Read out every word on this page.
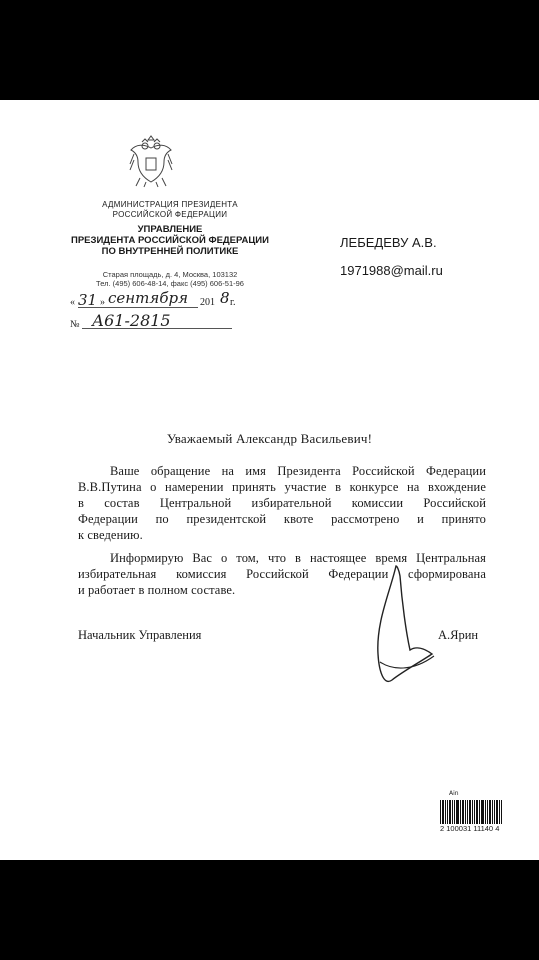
АДМИНИСТРАЦИЯ ПРЕЗИДЕНТА
РОССИЙСКОЙ ФЕДЕРАЦИИ
УПРАВЛЕНИЕ
ПРЕЗИДЕНТА РОССИЙСКОЙ ФЕДЕРАЦИИ
ПО ВНУТРЕННЕЙ ПОЛИТИКЕ
Старая площадь, д. 4, Москва, 103132
Тел. (495) 606-48-14, факс (495) 606-51-96
« 31 » сентября 201 8 г.
№ А61-2815
ЛЕБЕДЕВУ А.В.
1971988@mail.ru
Уважаемый Александр Васильевич!
Ваше обращение на имя Президента Российской Федерации
В.В.Путина о намерении принять участие в конкурсе на вхождение
в состав Центральной избирательной комиссии Российской
Федерации по президентской квоте рассмотрено и принято
к сведению.
Информирую Вас о том, что в настоящее время Центральная
избирательная комиссия Российской Федерации сформирована
и работает в полном составе.
Начальник Управления	А.Ярин
Ain
2 100031 11140 4
